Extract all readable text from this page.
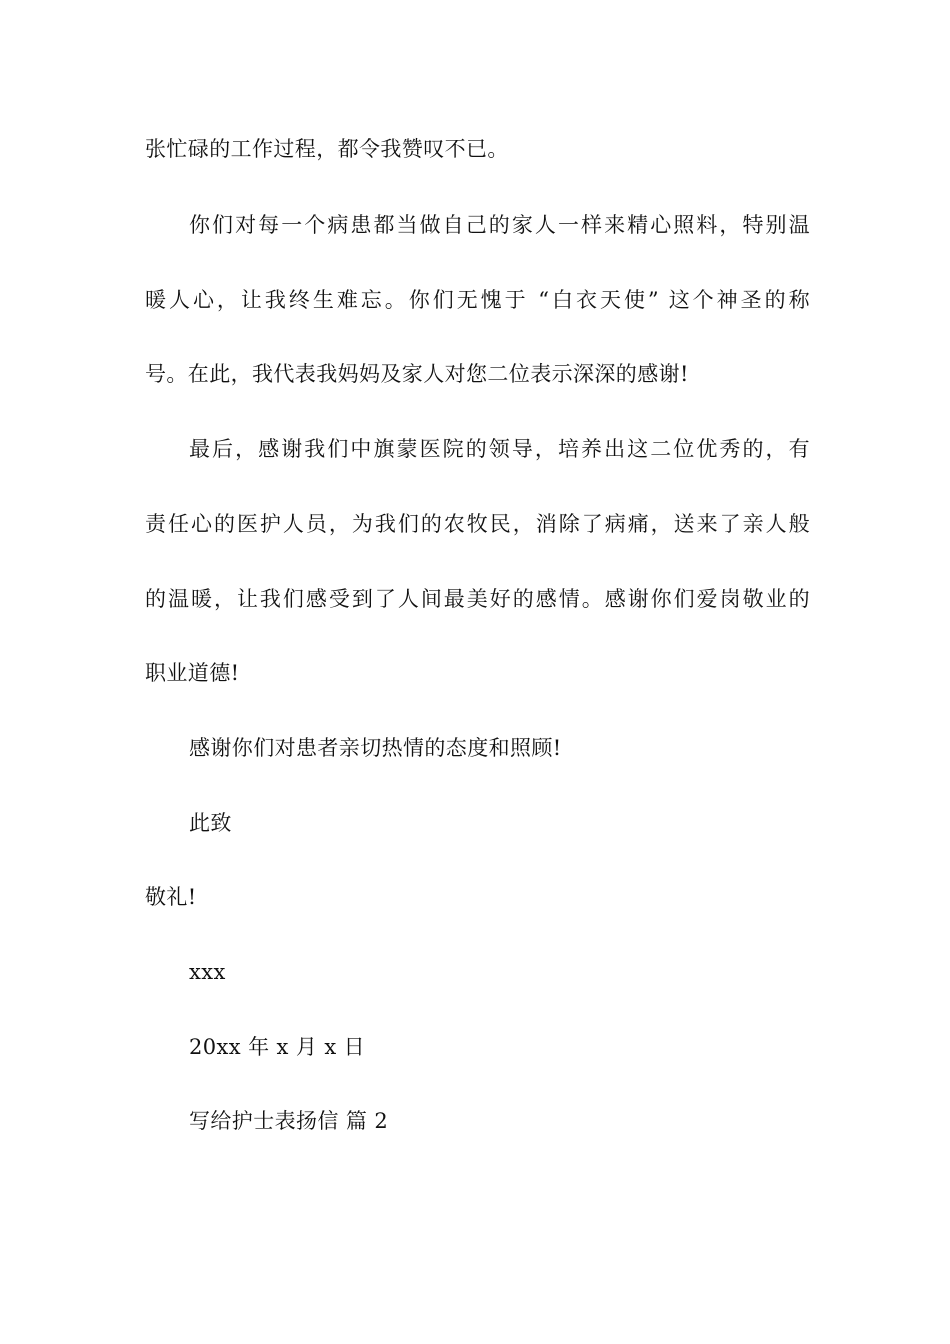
张忙碌的工作过程，都令我赞叹不已。
你们对每一个病患都当做自己的家人一样来精心照料，特别温
暖人心，让我终生难忘。你们无愧于 “白衣天使” 这个神圣的称
号。在此，我代表我妈妈及家人对您二位表示深深的感谢!
最后，感谢我们中旗蒙医院的领导，培养出这二位优秀的，有
责任心的医护人员，为我们的农牧民，消除了病痛，送来了亲人般
的温暖，让我们感受到了人间最美好的感情。感谢你们爱岗敬业的
职业道德!
感谢你们对患者亲切热情的态度和照顾!
此致
敬礼!
xxx
20xx 年 x 月 x 日
写给护士表扬信 篇 2
